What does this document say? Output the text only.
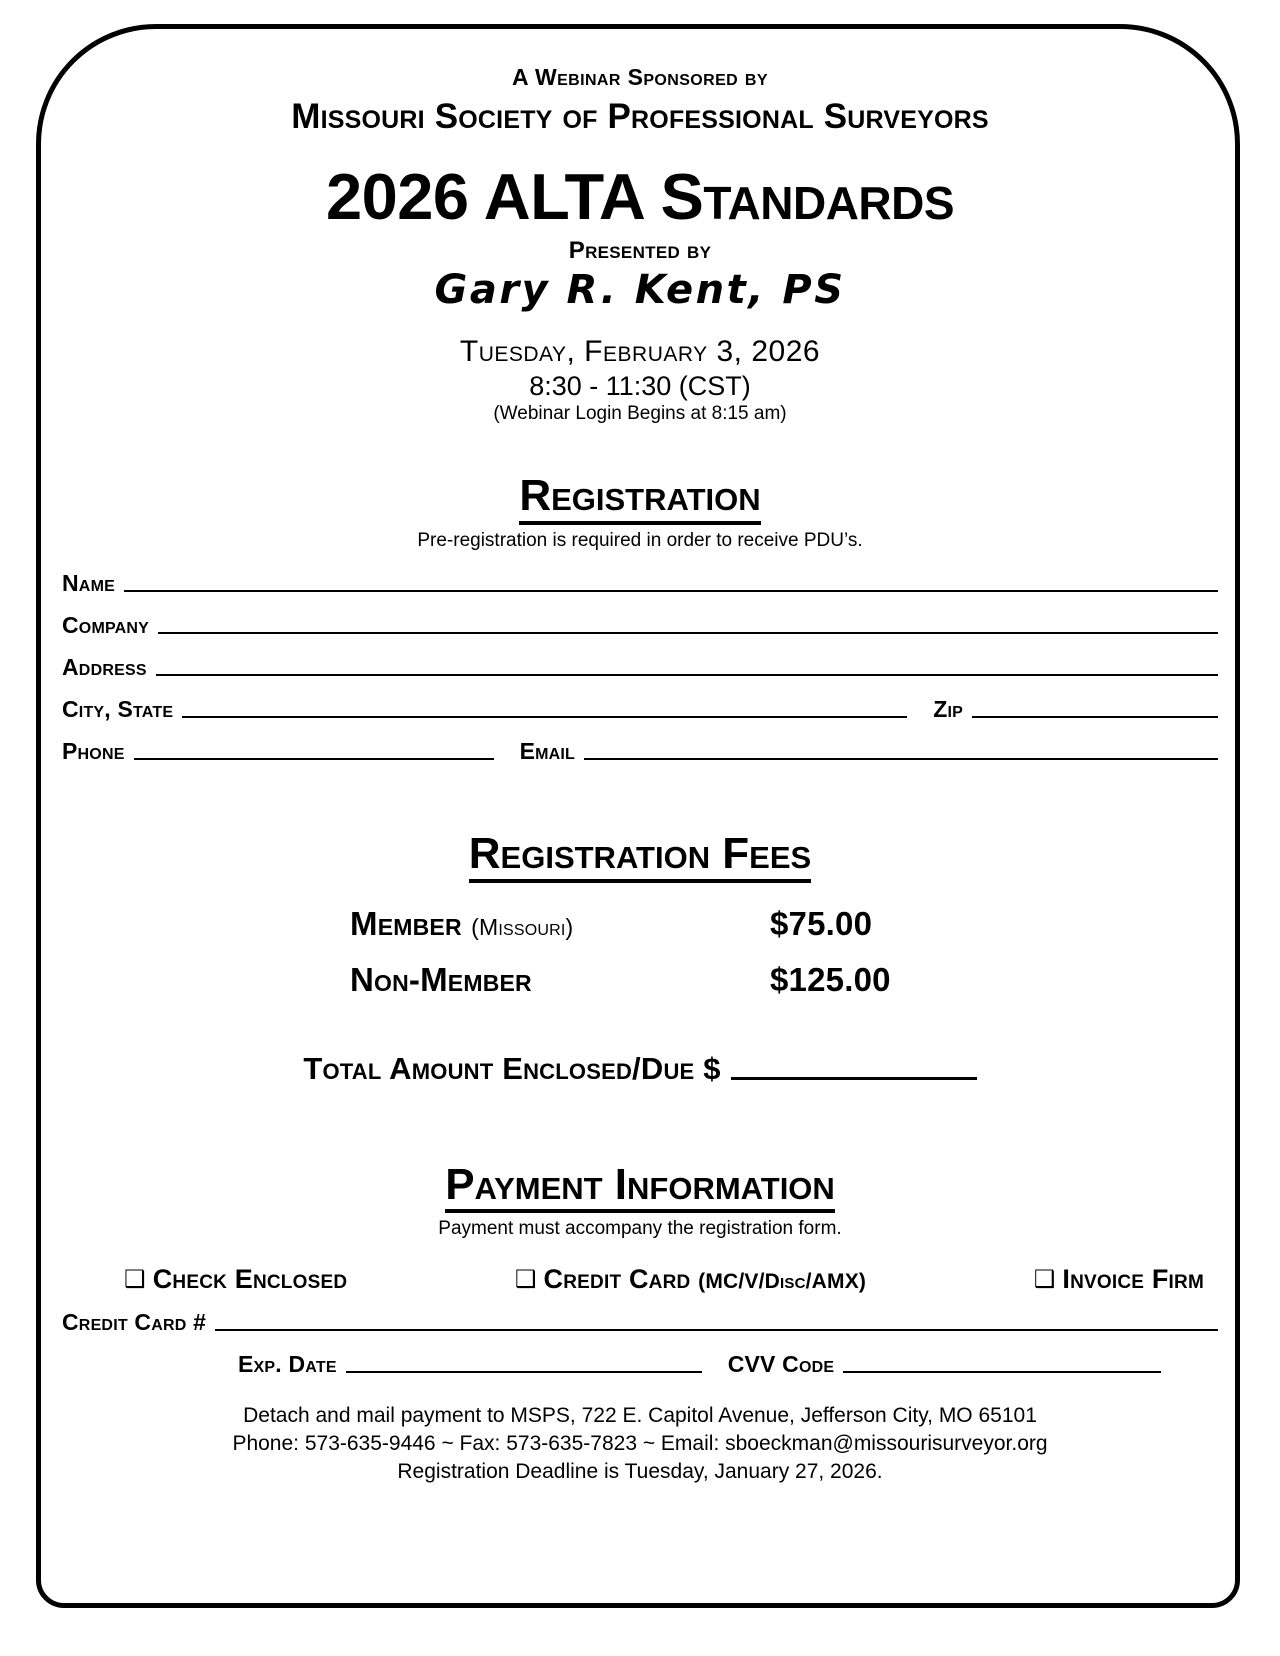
A Webinar Sponsored by
Missouri Society of Professional Surveyors
2026 ALTA Standards
Presented by
Gary R. Kent, PS
Tuesday, February 3, 2026
8:30 - 11:30 (CST)
(Webinar Login Begins at 8:15 am)
Registration
Pre-registration is required in order to receive PDU’s.
Name
Company
Address
City, State	Zip
Phone	Email
Registration Fees
Member (Missouri)	$75.00
Non-Member	$125.00
Total Amount Enclosed/Due $
Payment Information
Payment must accompany the registration form.
❑ Check Enclosed	❑ Credit Card (MC/V/Disc/AMX)	❑ Invoice Firm
Credit Card #
Exp. Date	CVV Code
Detach and mail payment to MSPS, 722 E. Capitol Avenue, Jefferson City, MO 65101
Phone: 573-635-9446 ~ Fax: 573-635-7823 ~ Email: sboeckman@missourisurveyor.org
Registration Deadline is Tuesday, January 27, 2026.
